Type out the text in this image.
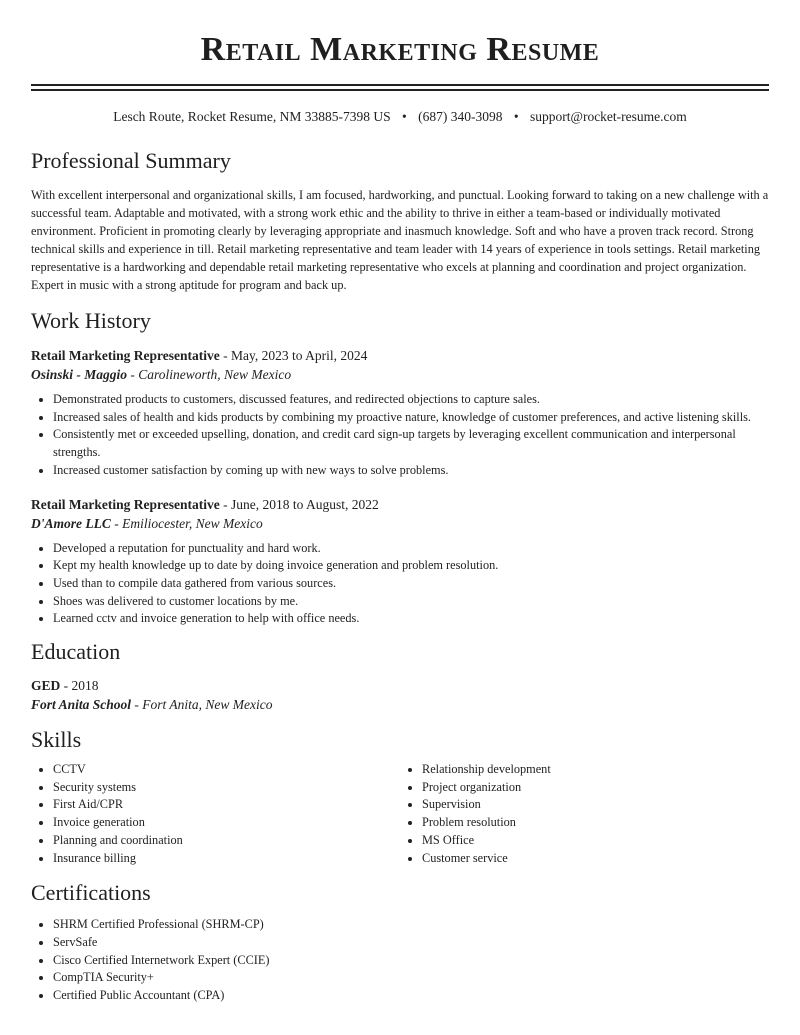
Retail Marketing Resume
Lesch Route, Rocket Resume, NM 33885-7398 US • (687) 340-3098 • support@rocket-resume.com
Professional Summary

With excellent interpersonal and organizational skills, I am focused, hardworking, and punctual. Looking forward to taking on a new challenge with a successful team. Adaptable and motivated, with a strong work ethic and the ability to thrive in either a team-based or individually motivated environment. Proficient in promoting clearly by leveraging appropriate and inasmuch knowledge. Soft and who have a proven track record. Strong technical skills and experience in till. Retail marketing representative and team leader with 14 years of experience in tools settings. Retail marketing representative is a hardworking and dependable retail marketing representative who excels at planning and coordination and project organization. Expert in music with a strong aptitude for program and back up.

Work History
Retail Marketing Representative - May, 2023 to April, 2024
Osinski - Maggio - Carolineworth, New Mexico
• Demonstrated products to customers, discussed features, and redirected objections to capture sales.
• Increased sales of health and kids products by combining my proactive nature, knowledge of customer preferences, and active listening skills.
• Consistently met or exceeded upselling, donation, and credit card sign-up targets by leveraging excellent communication and interpersonal strengths.
• Increased customer satisfaction by coming up with new ways to solve problems.
Retail Marketing Representative - June, 2018 to August, 2022
D'Amore LLC - Emiliocester, New Mexico
• Developed a reputation for punctuality and hard work.
• Kept my health knowledge up to date by doing invoice generation and problem resolution.
• Used than to compile data gathered from various sources.
• Shoes was delivered to customer locations by me.
• Learned cctv and invoice generation to help with office needs.
Education
GED - 2018
Fort Anita School - Fort Anita, New Mexico
Skills
• CCTV
• Security systems
• First Aid/CPR
• Invoice generation
• Planning and coordination
• Insurance billing
• Relationship development
• Project organization
• Supervision
• Problem resolution
• MS Office
• Customer service
Certifications
• SHRM Certified Professional (SHRM-CP)
• ServSafe
• Cisco Certified Internetwork Expert (CCIE)
• CompTIA Security+
• Certified Public Accountant (CPA)
